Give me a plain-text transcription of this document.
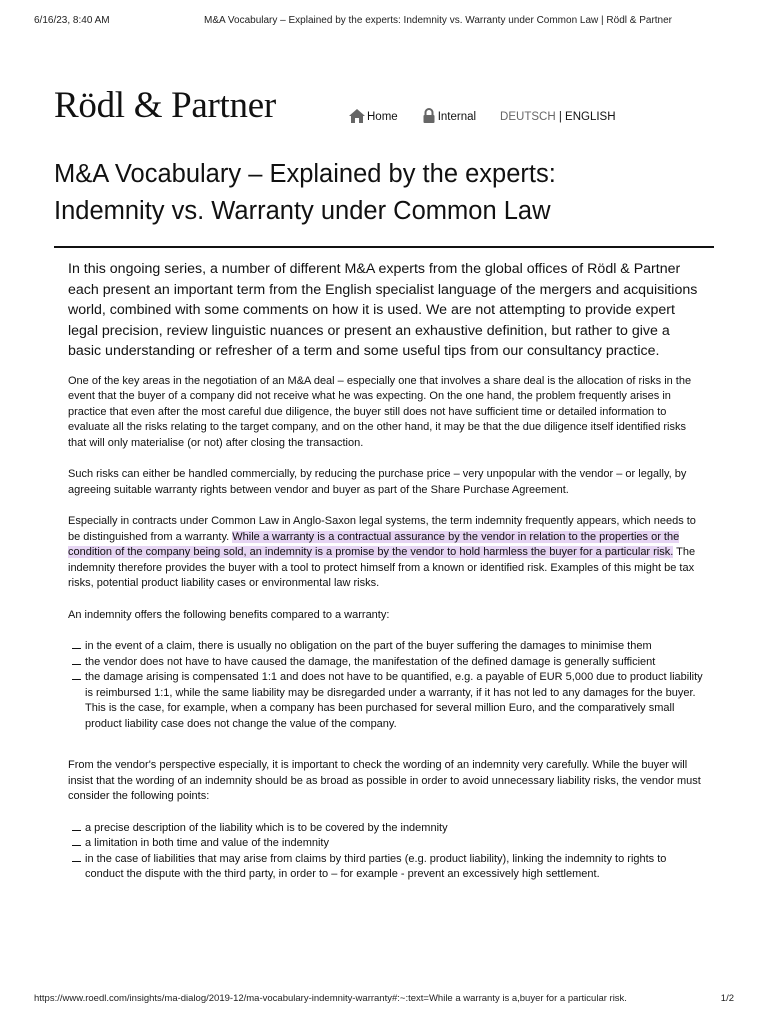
6/16/23, 8:40 AM	M&A Vocabulary – Explained by the experts: Indemnity vs. Warranty under Common Law | Rödl & Partner
Rödl & Partner	Home	Internal DEUTSCH | ENGLISH
M&A Vocabulary – Explained by the experts:
Indemnity vs. Warranty under Common Law

In this ongoing series, a number of different M&A experts from the global offices of Rödl & Partner each present an important term from the English specialist language of the mergers and acquisitions world, combined with some comments on how it is used. We are not attempting to provide expert legal precision, review linguistic nuances or present an exhaustive definition, but rather to give a basic understanding or refresher of a term and some useful tips from our consultancy practice.

One of the key areas in the negotiation of an M&A deal – especially one that involves a share deal is the allocation of risks in the event that the buyer of a company did not receive what he was expecting. On the one hand, the problem frequently arises in practice that even after the most careful due diligence, the buyer still does not have sufficient time or detailed information to evaluate all the risks relating to the target company, and on the other hand, it may be that the due diligence itself identified risks that will only materialise (or not) after closing the transaction.

Such risks can either be handled commercially, by reducing the purchase price – very unpopular with the vendor – or legally, by agreeing suitable warranty rights between vendor and buyer as part of the Share Purchase Agreement.

Especially in contracts under Common Law in Anglo-Saxon legal systems, the term indemnity frequently appears, which needs to be distinguished from a warranty. While a warranty is a contractual assurance by the vendor in relation to the properties or the condition of the company being sold, an indemnity is a promise by the vendor to hold harmless the buyer for a particular risk. The indemnity therefore provides the buyer with a tool to protect himself from a known or identified risk. Examples of this might be tax risks, potential product liability cases or environmental law risks.

An indemnity offers the following benefits compared to a warranty:

in the event of a claim, there is usually no obligation on the part of the buyer suffering the damages to minimise them
the vendor does not have to have caused the damage, the manifestation of the defined damage is generally sufficient
the damage arising is compensated 1:1 and does not have to be quantified, e.g. a payable of EUR 5,000 due to product liability is reimbursed 1:1, while the same liability may be disregarded under a warranty, if it has not led to any damages for the buyer. This is the case, for example, when a company has been purchased for several million Euro, and the comparatively small product liability case does not change the value of the company.

From the vendor's perspective especially, it is important to check the wording of an indemnity very carefully. While the buyer will insist that the wording of an indemnity should be as broad as possible in order to avoid unnecessary liability risks, the vendor must consider the following points:

a precise description of the liability which is to be covered by the indemnity
a limitation in both time and value of the indemnity
in the case of liabilities that may arise from claims by third parties (e.g. product liability), linking the indemnity to rights to conduct the dispute with the third party, in order to – for example - prevent an excessively high settlement.
https://www.roedl.com/insights/ma-dialog/2019-12/ma-vocabulary-indemnity-warranty#:~:text=While a warranty is a,buyer for a particular risk.	1/2
